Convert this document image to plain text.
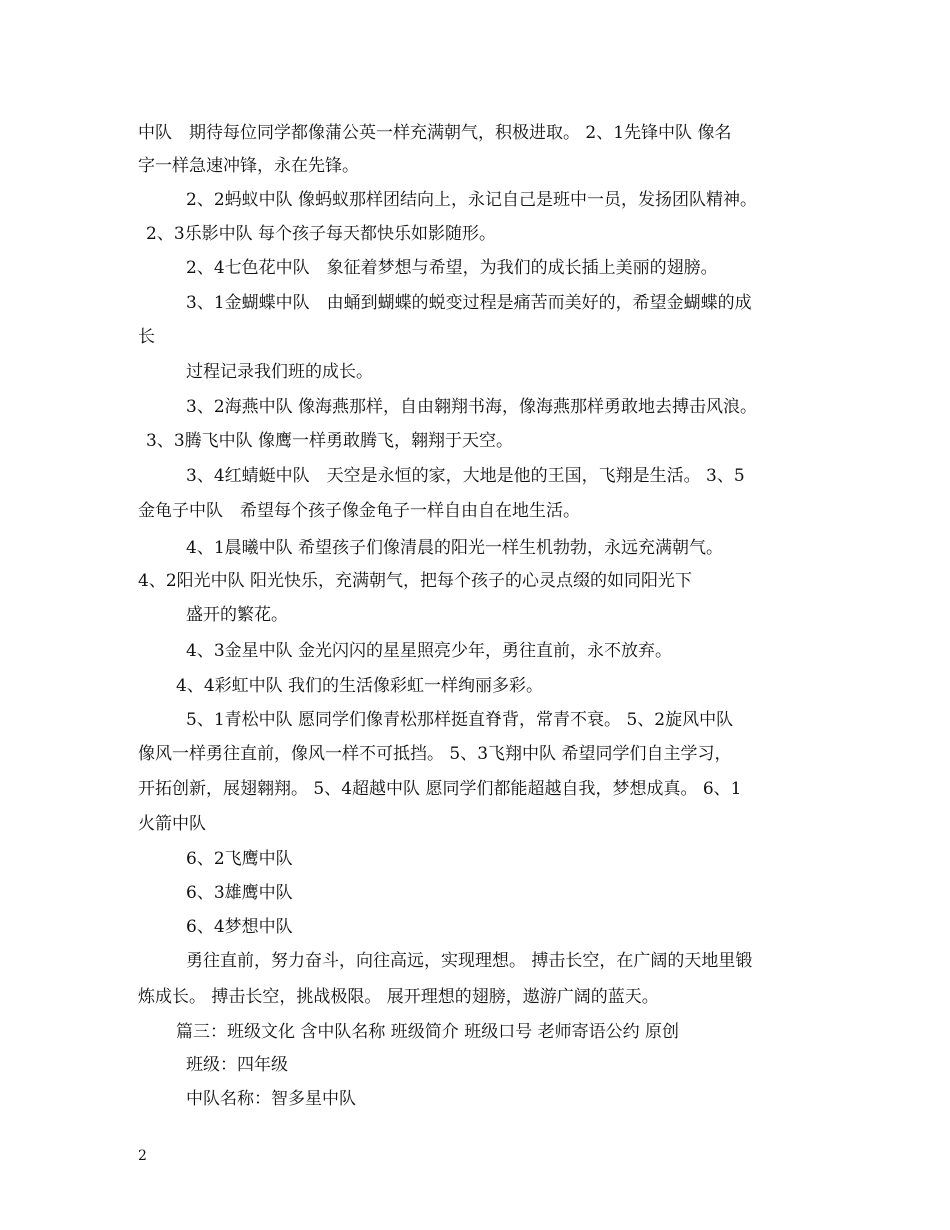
中队　期待每位同学都像蒲公英一样充满朝气，积极进取。 2、1先锋中队 像名
字一样急速冲锋，永在先锋。
2、2蚂蚁中队 像蚂蚁那样团结向上，永记自己是班中一员，发扬团队精神。
2、3乐影中队 每个孩子每天都快乐如影随形。
2、4七色花中队　象征着梦想与希望，为我们的成长插上美丽的翅膀。
3、1金蝴蝶中队　由蛹到蝴蝶的蜕变过程是痛苦而美好的，希望金蝴蝶的成
长
过程记录我们班的成长。
3、2海燕中队 像海燕那样，自由翱翔书海，像海燕那样勇敢地去搏击风浪。
3、3腾飞中队 像鹰一样勇敢腾飞，翱翔于天空。
3、4红蜻蜓中队　天空是永恒的家，大地是他的王国，飞翔是生活。 3、5
金龟子中队　希望每个孩子像金龟子一样自由自在地生活。
4、1晨曦中队 希望孩子们像清晨的阳光一样生机勃勃，永远充满朝气。
4、2阳光中队 阳光快乐，充满朝气，把每个孩子的心灵点缀的如同阳光下
盛开的繁花。
4、3金星中队 金光闪闪的星星照亮少年，勇往直前，永不放弃。
4、4彩虹中队 我们的生活像彩虹一样绚丽多彩。
5、1青松中队 愿同学们像青松那样挺直脊背，常青不衰。 5、2旋风中队
像风一样勇往直前，像风一样不可抵挡。 5、3飞翔中队 希望同学们自主学习，
开拓创新，展翅翱翔。 5、4超越中队 愿同学们都能超越自我，梦想成真。 6、1
火箭中队
6、2飞鹰中队
6、3雄鹰中队
6、4梦想中队
勇往直前，努力奋斗，向往高远，实现理想。 搏击长空，在广阔的天地里锻
炼成长。 搏击长空，挑战极限。 展开理想的翅膀，遨游广阔的蓝天。
篇三：班级文化 含中队名称 班级简介 班级口号 老师寄语公约 原创
班级：四年级
中队名称：智多星中队
2
